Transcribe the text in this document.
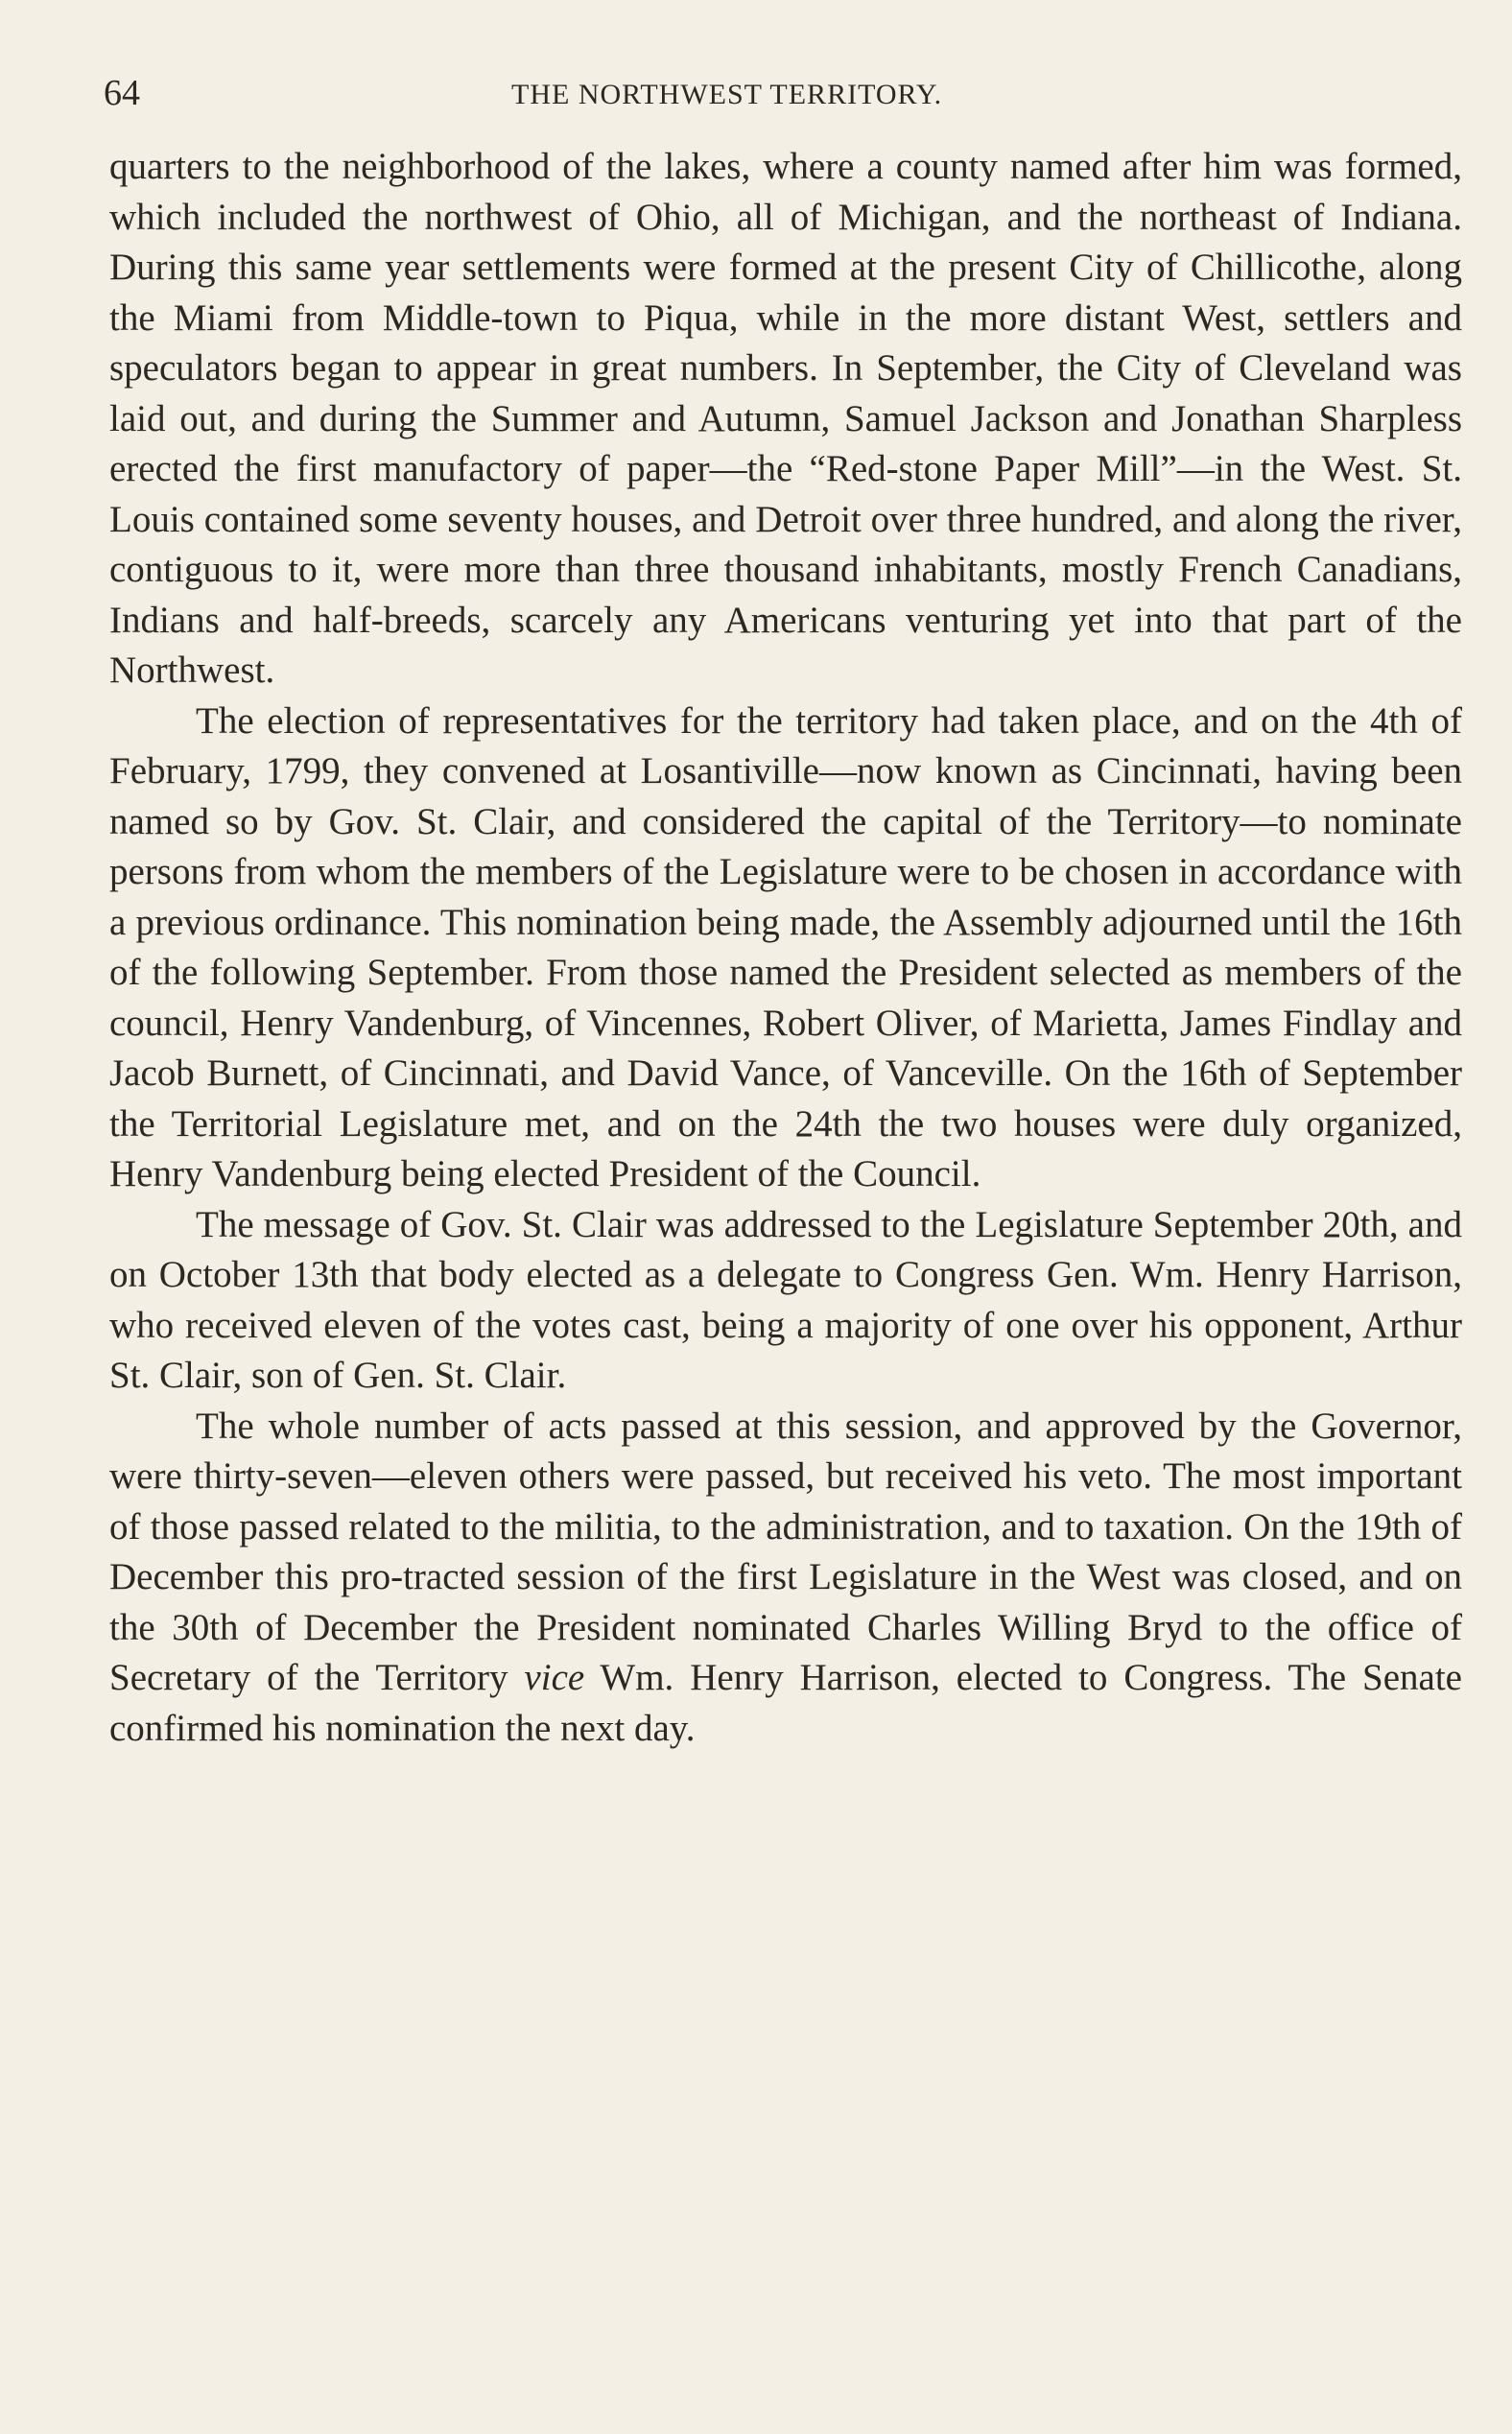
64	THE NORTHWEST TERRITORY.

quarters to the neighborhood of the lakes, where a county named after him was formed, which included the northwest of Ohio, all of Michigan, and the northeast of Indiana. During this same year settlements were formed at the present City of Chillicothe, along the Miami from Middle-town to Piqua, while in the more distant West, settlers and speculators began to appear in great numbers. In September, the City of Cleveland was laid out, and during the Summer and Autumn, Samuel Jackson and Jonathan Sharpless erected the first manufactory of paper—the “Red-stone Paper Mill”—in the West. St. Louis contained some seventy houses, and Detroit over three hundred, and along the river, contiguous to it, were more than three thousand inhabitants, mostly French Canadians, Indians and half-breeds, scarcely any Americans venturing yet into that part of the Northwest.

The election of representatives for the territory had taken place, and on the 4th of February, 1799, they convened at Losantiville—now known as Cincinnati, having been named so by Gov. St. Clair, and considered the capital of the Territory—to nominate persons from whom the members of the Legislature were to be chosen in accordance with a previous ordinance. This nomination being made, the Assembly adjourned until the 16th of the following September. From those named the President selected as members of the council, Henry Vandenburg, of Vincennes, Robert Oliver, of Marietta, James Findlay and Jacob Burnett, of Cincinnati, and David Vance, of Vanceville. On the 16th of September the Territorial Legislature met, and on the 24th the two houses were duly organized, Henry Vandenburg being elected President of the Council.

The message of Gov. St. Clair was addressed to the Legislature September 20th, and on October 13th that body elected as a delegate to Congress Gen. Wm. Henry Harrison, who received eleven of the votes cast, being a majority of one over his opponent, Arthur St. Clair, son of Gen. St. Clair.

The whole number of acts passed at this session, and approved by the Governor, were thirty-seven—eleven others were passed, but received his veto. The most important of those passed related to the militia, to the administration, and to taxation. On the 19th of December this pro-tracted session of the first Legislature in the West was closed, and on the 30th of December the President nominated Charles Willing Bryd to the office of Secretary of the Territory vice Wm. Henry Harrison, elected to Congress. The Senate confirmed his nomination the next day.
